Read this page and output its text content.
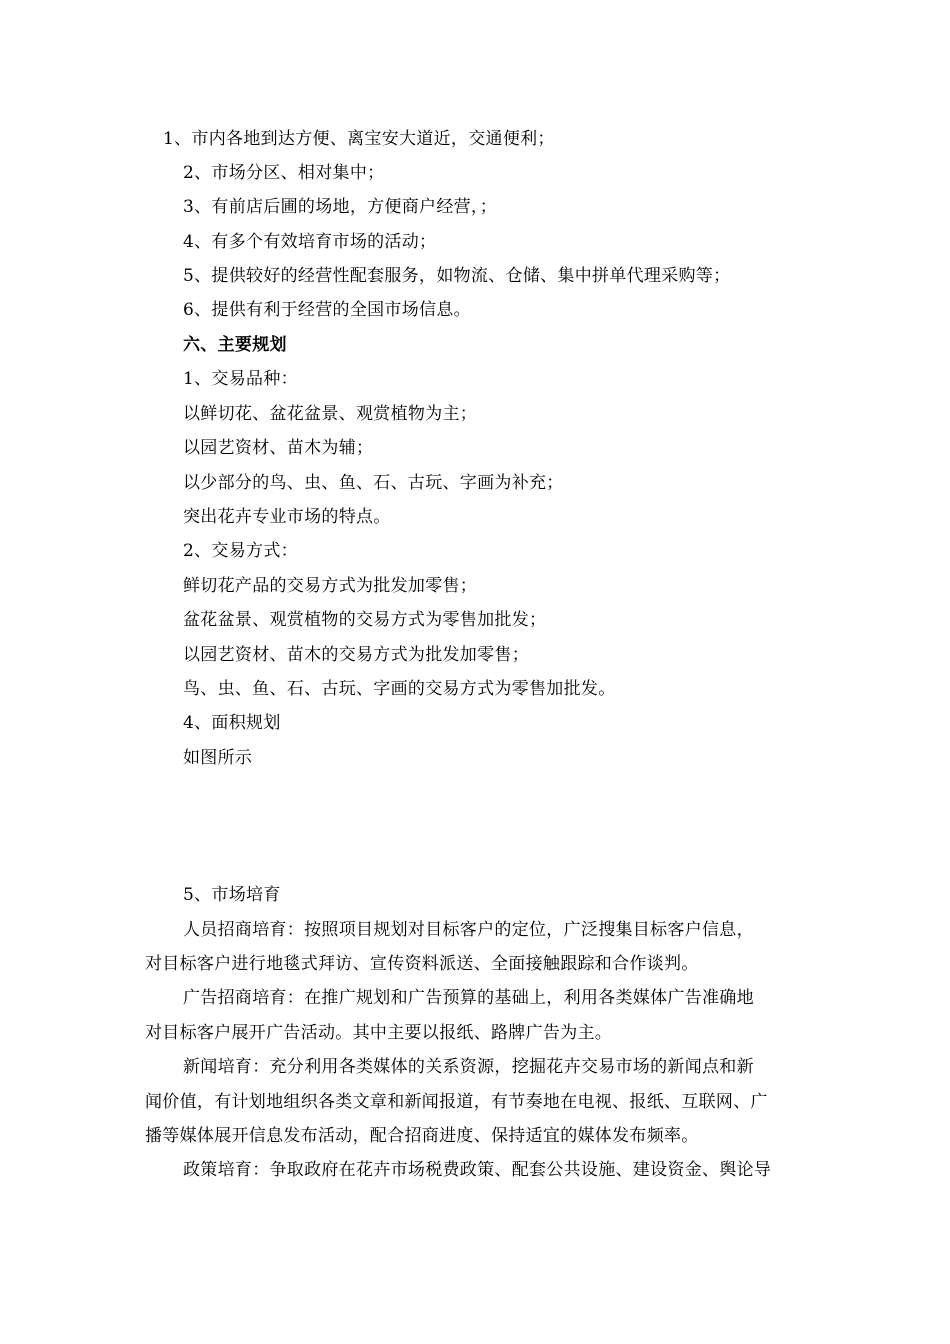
1、市内各地到达方便、离宝安大道近，交通便利；
2、市场分区、相对集中；
3、有前店后圃的场地，方便商户经营，；
4、有多个有效培育市场的活动；
5、提供较好的经营性配套服务，如物流、仓储、集中拼单代理采购等；
6、提供有利于经营的全国市场信息。
六、主要规划
1、交易品种：
以鲜切花、盆花盆景、观赏植物为主；
以园艺资材、苗木为辅；
以少部分的鸟、虫、鱼、石、古玩、字画为补充；
突出花卉专业市场的特点。
2、交易方式：
鲜切花产品的交易方式为批发加零售；
盆花盆景、观赏植物的交易方式为零售加批发；
以园艺资材、苗木的交易方式为批发加零售；
鸟、虫、鱼、石、古玩、字画的交易方式为零售加批发。
4、面积规划
如图所示
5、市场培育
人员招商培育：按照项目规划对目标客户的定位，广泛搜集目标客户信息，
对目标客户进行地毯式拜访、宣传资料派送、全面接触跟踪和合作谈判。
广告招商培育：在推广规划和广告预算的基础上，利用各类媒体广告准确地
对目标客户展开广告活动。其中主要以报纸、路牌广告为主。
新闻培育：充分利用各类媒体的关系资源，挖掘花卉交易市场的新闻点和新
闻价值，有计划地组织各类文章和新闻报道，有节奏地在电视、报纸、互联网、广
播等媒体展开信息发布活动，配合招商进度、保持适宜的媒体发布频率。
政策培育：争取政府在花卉市场税费政策、配套公共设施、建设资金、舆论导
